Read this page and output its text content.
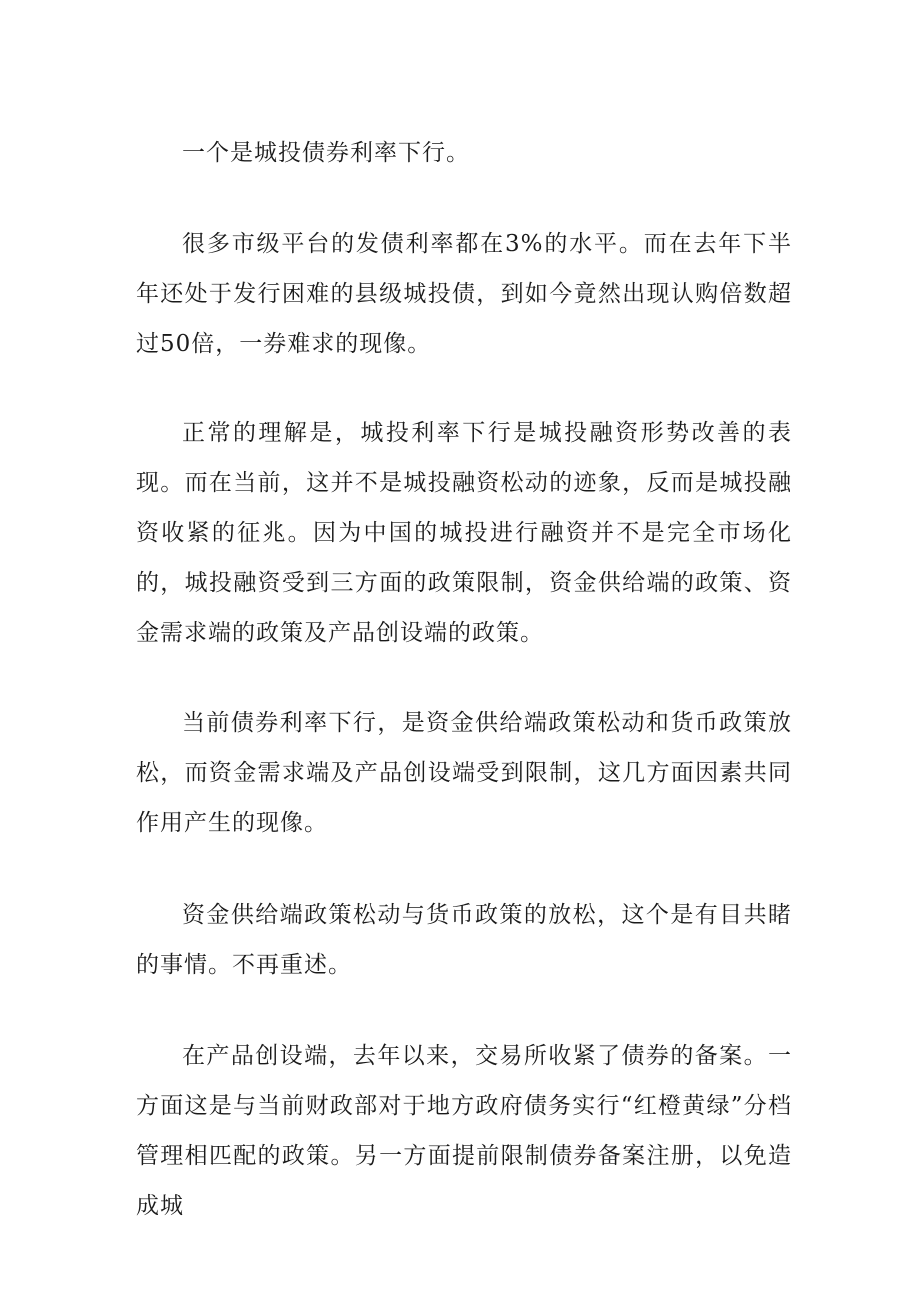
一个是城投债券利率下行。

很多市级平台的发债利率都在3%的水平。而在去年下半年还处于发行困难的县级城投债，到如今竟然出现认购倍数超过50倍，一券难求的现像。

正常的理解是，城投利率下行是城投融资形势改善的表现。而在当前，这并不是城投融资松动的迹象，反而是城投融资收紧的征兆。因为中国的城投进行融资并不是完全市场化的，城投融资受到三方面的政策限制，资金供给端的政策、资金需求端的政策及产品创设端的政策。

当前债券利率下行，是资金供给端政策松动和货币政策放松，而资金需求端及产品创设端受到限制，这几方面因素共同作用产生的现像。

资金供给端政策松动与货币政策的放松，这个是有目共睹的事情。不再重述。

在产品创设端，去年以来，交易所收紧了债券的备案。一方面这是与当前财政部对于地方政府债务实行“红橙黄绿”分档管理相匹配的政策。另一方面提前限制债券备案注册，以免造成城
